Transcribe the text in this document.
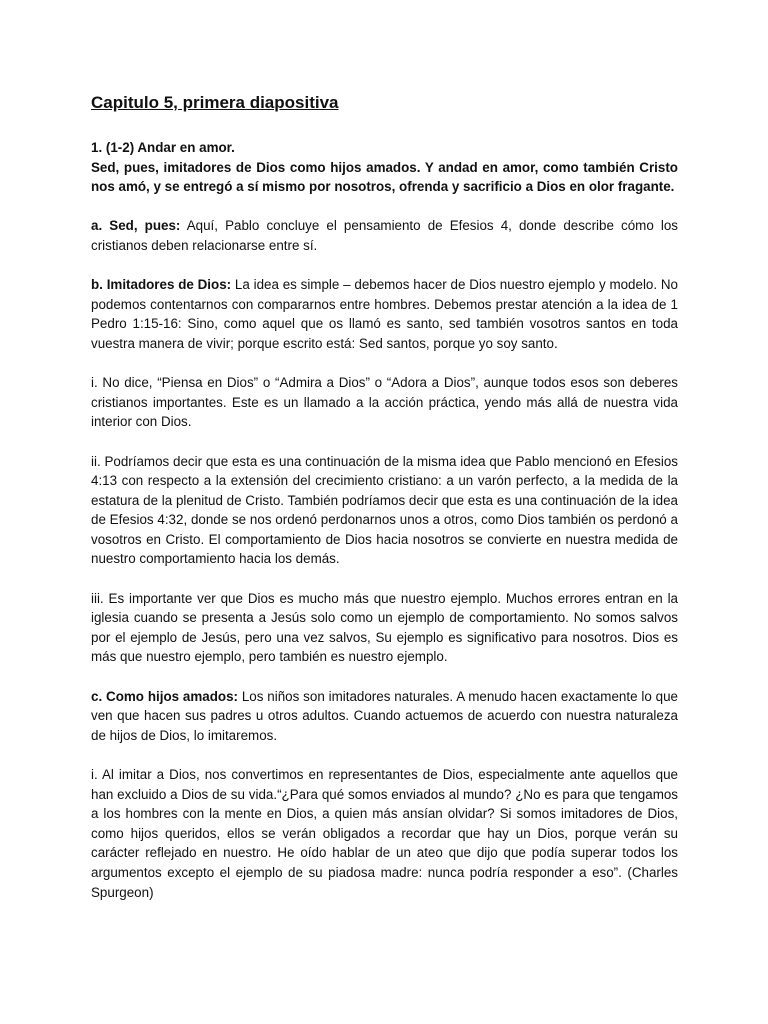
Capitulo 5, primera diapositiva

1. (1-2) Andar en amor.
Sed, pues, imitadores de Dios como hijos amados. Y andad en amor, como también Cristo nos amó, y se entregó a sí mismo por nosotros, ofrenda y sacrificio a Dios en olor fragante.

a. Sed, pues: Aquí, Pablo concluye el pensamiento de Efesios 4, donde describe cómo los cristianos deben relacionarse entre sí.

b. Imitadores de Dios: La idea es simple – debemos hacer de Dios nuestro ejemplo y modelo. No podemos contentarnos con compararnos entre hombres. Debemos prestar atención a la idea de 1 Pedro 1:15-16: Sino, como aquel que os llamó es santo, sed también vosotros santos en toda vuestra manera de vivir; porque escrito está: Sed santos, porque yo soy santo.

i. No dice, “Piensa en Dios” o “Admira a Dios” o “Adora a Dios”, aunque todos esos son deberes cristianos importantes. Este es un llamado a la acción práctica, yendo más allá de nuestra vida interior con Dios.

ii. Podríamos decir que esta es una continuación de la misma idea que Pablo mencionó en Efesios 4:13 con respecto a la extensión del crecimiento cristiano: a un varón perfecto, a la medida de la estatura de la plenitud de Cristo. También podríamos decir que esta es una continuación de la idea de Efesios 4:32, donde se nos ordenó perdonarnos unos a otros, como Dios también os perdonó a vosotros en Cristo. El comportamiento de Dios hacia nosotros se convierte en nuestra medida de nuestro comportamiento hacia los demás.

iii. Es importante ver que Dios es mucho más que nuestro ejemplo. Muchos errores entran en la iglesia cuando se presenta a Jesús solo como un ejemplo de comportamiento. No somos salvos por el ejemplo de Jesús, pero una vez salvos, Su ejemplo es significativo para nosotros. Dios es más que nuestro ejemplo, pero también es nuestro ejemplo.

c. Como hijos amados: Los niños son imitadores naturales. A menudo hacen exactamente lo que ven que hacen sus padres u otros adultos. Cuando actuemos de acuerdo con nuestra naturaleza de hijos de Dios, lo imitaremos.

i. Al imitar a Dios, nos convertimos en representantes de Dios, especialmente ante aquellos que han excluido a Dios de su vida.“¿Para qué somos enviados al mundo? ¿No es para que tengamos a los hombres con la mente en Dios, a quien más ansían olvidar? Si somos imitadores de Dios, como hijos queridos, ellos se verán obligados a recordar que hay un Dios, porque verán su carácter reflejado en nuestro. He oído hablar de un ateo que dijo que podía superar todos los argumentos excepto el ejemplo de su piadosa madre: nunca podría responder a eso”. (Charles Spurgeon)
